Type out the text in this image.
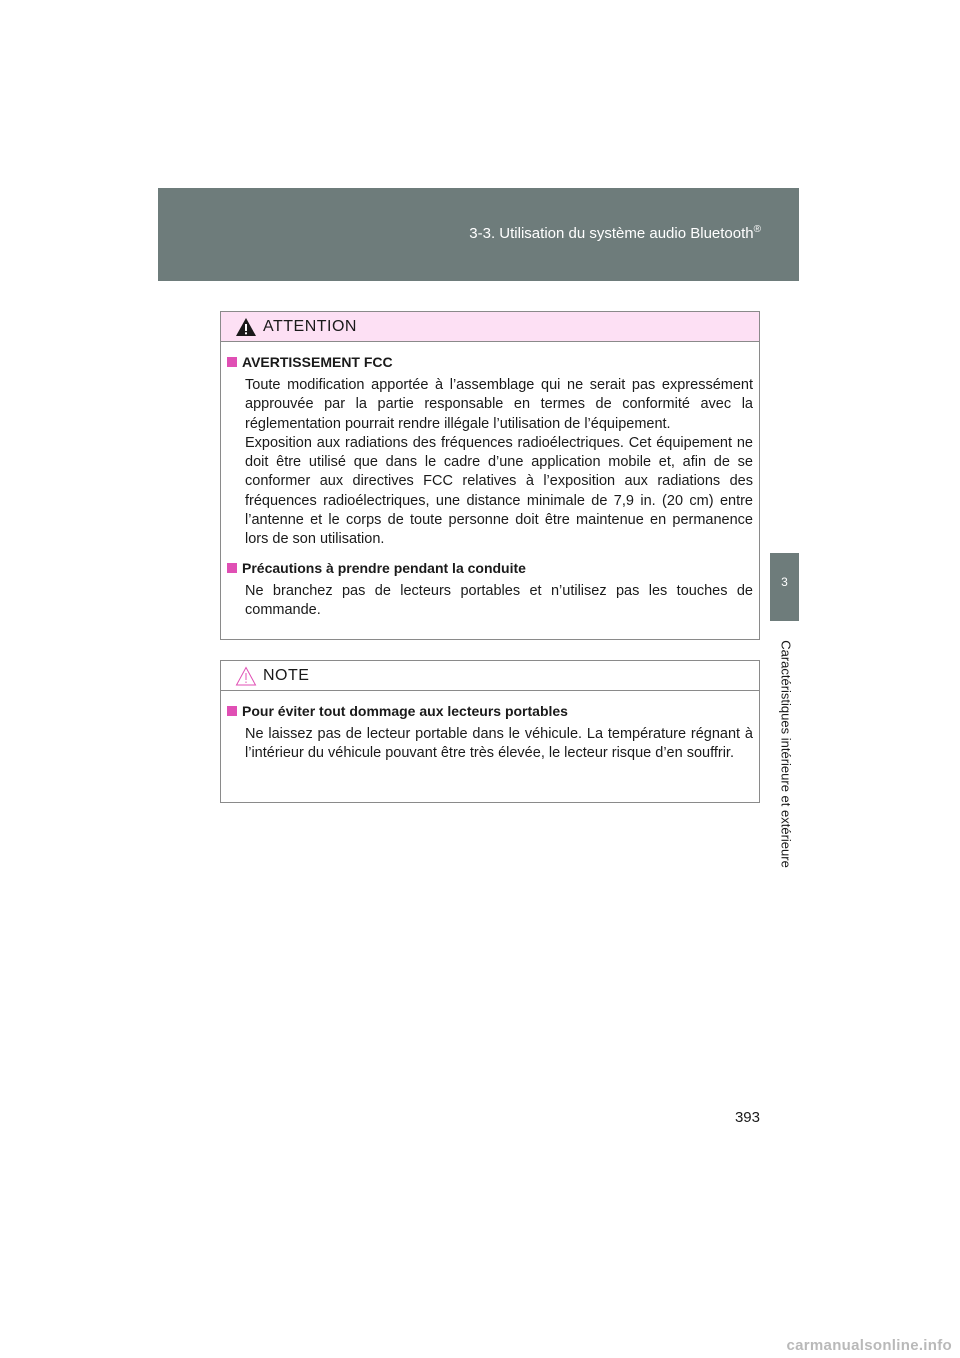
3-3. Utilisation du système audio Bluetooth®
3
Caractéristiques intérieure et extérieure
ATTENTION
AVERTISSEMENT FCC

Toute modification apportée à l’assemblage qui ne serait pas expressément approuvée par la partie responsable en termes de conformité avec la réglementation pourrait rendre illégale l’utilisation de l’équipement.

Exposition aux radiations des fréquences radioélectriques. Cet équipement ne doit être utilisé que dans le cadre d’une application mobile et, afin de se conformer aux directives FCC relatives à l’exposition aux radiations des fréquences radioélectriques, une distance minimale de 7,9 in. (20 cm) entre l’antenne et le corps de toute personne doit être maintenue en permanence lors de son utilisation.

Précautions à prendre pendant la conduite

Ne branchez pas de lecteurs portables et n’utilisez pas les touches de commande.

NOTE
Pour éviter tout dommage aux lecteurs portables

Ne laissez pas de lecteur portable dans le véhicule. La température régnant à l’intérieur du véhicule pouvant être très élevée, le lecteur risque d’en souffrir.

393
carmanualsonline.info
